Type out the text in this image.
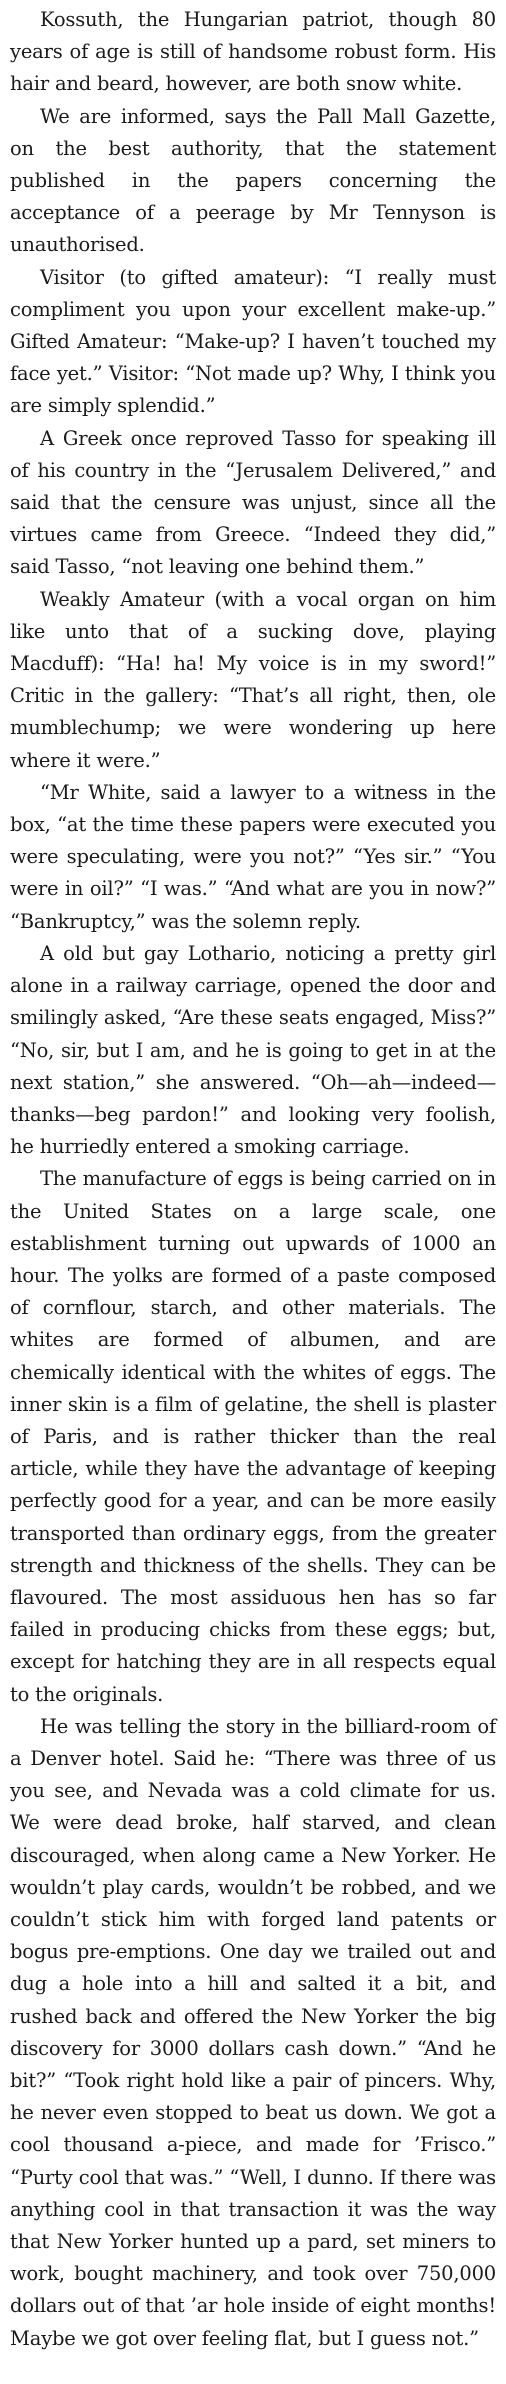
Kossuth, the Hungarian patriot, though 80 years of age is still of handsome robust form. His hair and beard, however, are both snow white.

We are informed, says the Pall Mall Gazette, on the best authority, that the statement published in the papers concerning the acceptance of a peerage by Mr Tennyson is unauthorised.

Visitor (to gifted amateur): “I really must compliment you upon your excellent make-up.” Gifted Amateur: “Make-up? I haven’t touched my face yet.” Visitor: “Not made up? Why, I think you are simply splendid.”

A Greek once reproved Tasso for speaking ill of his country in the “Jerusalem Delivered,” and said that the censure was unjust, since all the virtues came from Greece. “Indeed they did,” said Tasso, “not leaving one behind them.”

Weakly Amateur (with a vocal organ on him like unto that of a sucking dove, playing Macduff): “Ha! ha! My voice is in my sword!” Critic in the gallery: “That’s all right, then, ole mumblechump; we were wondering up here where it were.”

“Mr White, said a lawyer to a witness in the box, “at the time these papers were executed you were speculating, were you not?” “Yes sir.” “You were in oil?” “I was.” “And what are you in now?” “Bankruptcy,” was the solemn reply.

A old but gay Lothario, noticing a pretty girl alone in a railway carriage, opened the door and smilingly asked, “Are these seats engaged, Miss?” “No, sir, but I am, and he is going to get in at the next station,” she answered. “Oh—ah—indeed—thanks—beg pardon!” and looking very foolish, he hurriedly entered a smoking carriage.

The manufacture of eggs is being carried on in the United States on a large scale, one establishment turning out upwards of 1000 an hour. The yolks are formed of a paste composed of cornflour, starch, and other materials. The whites are formed of albumen, and are chemically identical with the whites of eggs. The inner skin is a film of gelatine, the shell is plaster of Paris, and is rather thicker than the real article, while they have the advantage of keeping perfectly good for a year, and can be more easily transported than ordinary eggs, from the greater strength and thickness of the shells. They can be flavoured. The most assiduous hen has so far failed in producing chicks from these eggs; but, except for hatching they are in all respects equal to the originals.

He was telling the story in the billiard-room of a Denver hotel. Said he: “There was three of us you see, and Nevada was a cold climate for us. We were dead broke, half starved, and clean discouraged, when along came a New Yorker. He wouldn’t play cards, wouldn’t be robbed, and we couldn’t stick him with forged land patents or bogus pre-emptions. One day we trailed out and dug a hole into a hill and salted it a bit, and rushed back and offered the New Yorker the big discovery for 3000 dollars cash down.” “And he bit?” “Took right hold like a pair of pincers. Why, he never even stopped to beat us down. We got a cool thousand a-piece, and made for ’Frisco.” “Purty cool that was.” “Well, I dunno. If there was anything cool in that transaction it was the way that New Yorker hunted up a pard, set miners to work, bought machinery, and took over 750,000 dollars out of that ’ar hole inside of eight months! Maybe we got over feeling flat, but I guess not.”
